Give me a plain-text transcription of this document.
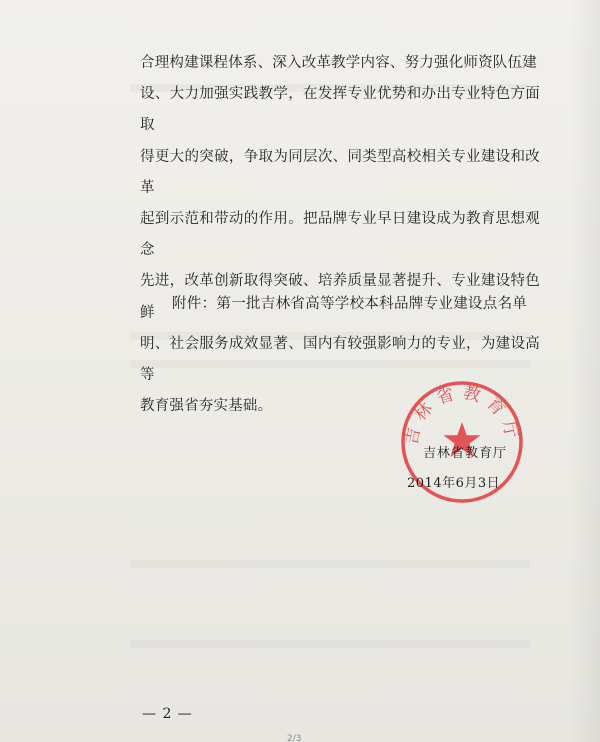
合理构建课程体系、深入改革教学内容、努力强化师资队伍建

设、大力加强实践教学，在发挥专业优势和办出专业特色方面取

得更大的突破，争取为同层次、同类型高校相关专业建设和改革

起到示范和带动的作用。把品牌专业早日建设成为教育思想观念

先进，改革创新取得突破、培养质量显著提升、专业建设特色鲜

明、社会服务成效显著、国内有较强影响力的专业，为建设高等

教育强省夯实基础。

附件：第一批吉林省高等学校本科品牌专业建设点名单
吉林省教育厅
吉林省教育厅
2014年6月3日
— 2 —
2/3
